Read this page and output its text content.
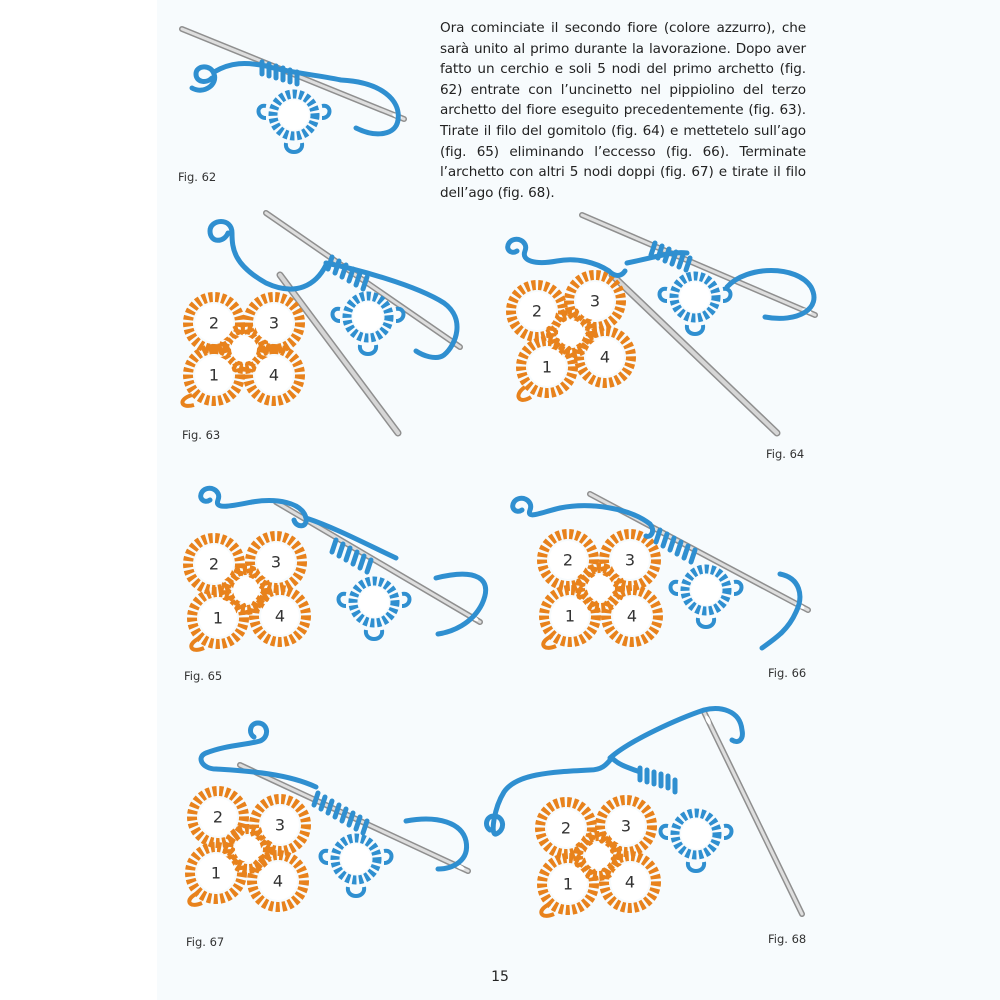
Ora cominciate il secondo fiore (colore azzurro), che sarà unito al primo durante la lavorazione. Dopo aver fatto un cerchio e soli 5 nodi del primo archetto (fig. 62) entrate con l’uncinetto nel pippiolino del terzo archetto del fiore eseguito precedentemente (fig. 63). Tirate il filo del gomitolo (fig. 64) e mettetelo sull’ago (fig. 65) eliminando l’eccesso (fig. 66). Terminate l’archetto con altri 5 nodi doppi (fig. 67) e tirate il filo dell’ago (fig. 68).

Fig. 62

2	3
1	4

Fig. 63

2
3
1
4

Fig. 64

2	3
1	4

Fig. 65

2	3
1	4

Fig. 66

2	3
1	4

Fig. 67

2	3
1	4

Fig. 68

15
